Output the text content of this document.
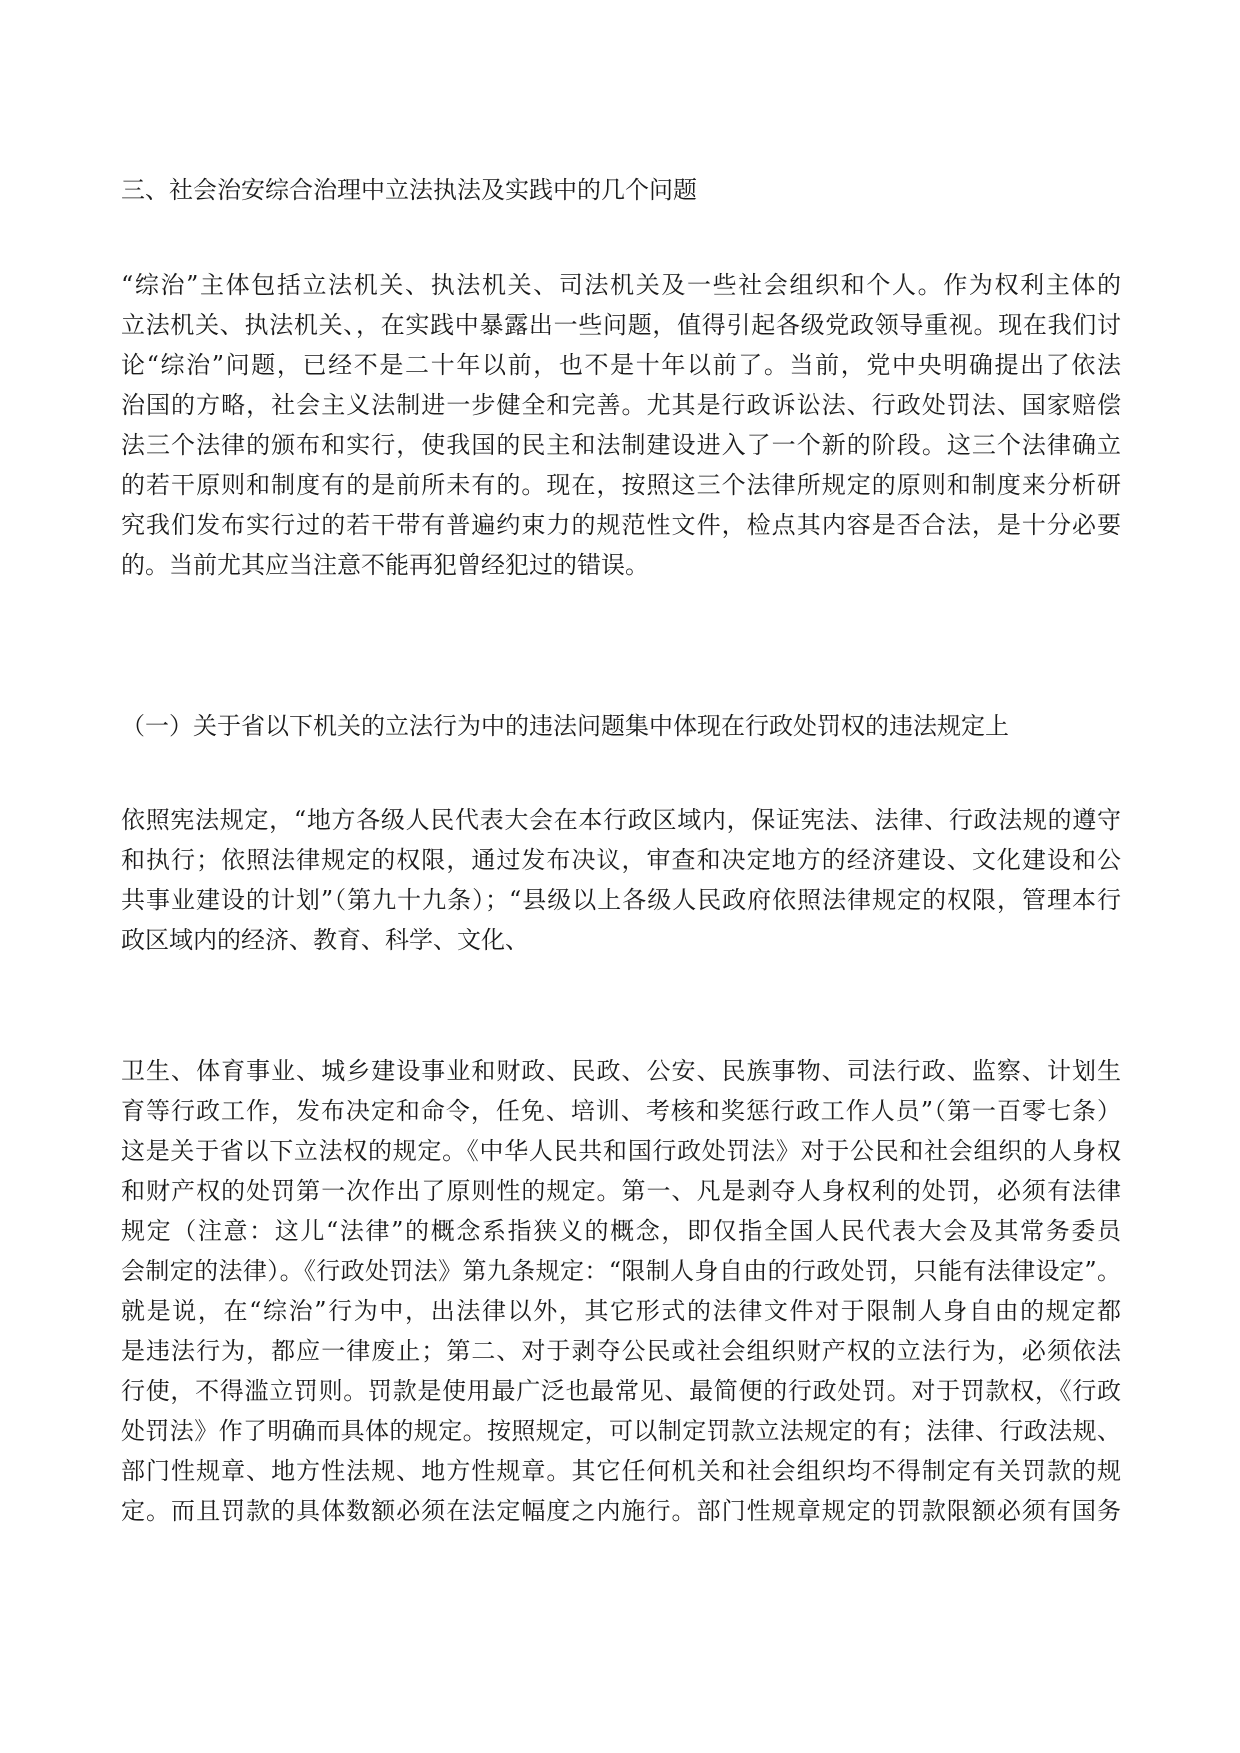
三、社会治安综合治理中立法执法及实践中的几个问题
“综治”主体包括立法机关、执法机关、司法机关及一些社会组织和个人。作为权利主体的
立法机关、执法机关、，在实践中暴露出一些问题，值得引起各级党政领导重视。现在我们讨
论“综治”问题，已经不是二十年以前，也不是十年以前了。当前，党中央明确提出了依法
治国的方略，社会主义法制进一步健全和完善。尤其是行政诉讼法、行政处罚法、国家赔偿
法三个法律的颁布和实行，使我国的民主和法制建设进入了一个新的阶段。这三个法律确立
的若干原则和制度有的是前所未有的。现在，按照这三个法律所规定的原则和制度来分析研
究我们发布实行过的若干带有普遍约束力的规范性文件，检点其内容是否合法，是十分必要
的。当前尤其应当注意不能再犯曾经犯过的错误。
（一）关于省以下机关的立法行为中的违法问题集中体现在行政处罚权的违法规定上
依照宪法规定，“地方各级人民代表大会在本行政区域内，保证宪法、法律、行政法规的遵守
和执行；依照法律规定的权限，通过发布决议，审查和决定地方的经济建设、文化建设和公
共事业建设的计划”（第九十九条）；“县级以上各级人民政府依照法律规定的权限，管理本行
政区域内的经济、教育、科学、文化、
卫生、体育事业、城乡建设事业和财政、民政、公安、民族事物、司法行政、监察、计划生
育等行政工作，发布决定和命令，任免、培训、考核和奖惩行政工作人员”（第一百零七条）
这是关于省以下立法权的规定。《中华人民共和国行政处罚法》对于公民和社会组织的人身权
和财产权的处罚第一次作出了原则性的规定。第一、凡是剥夺人身权利的处罚，必须有法律
规定（注意：这儿“法律”的概念系指狭义的概念，即仅指全国人民代表大会及其常务委员
会制定的法律）。《行政处罚法》第九条规定：“限制人身自由的行政处罚，只能有法律设定”。
就是说，在“综治”行为中，出法律以外，其它形式的法律文件对于限制人身自由的规定都
是违法行为，都应一律废止；第二、对于剥夺公民或社会组织财产权的立法行为，必须依法
行使，不得滥立罚则。罚款是使用最广泛也最常见、最简便的行政处罚。对于罚款权，《行政
处罚法》作了明确而具体的规定。按照规定，可以制定罚款立法规定的有；法律、行政法规、
部门性规章、地方性法规、地方性规章。其它任何机关和社会组织均不得制定有关罚款的规
定。而且罚款的具体数额必须在法定幅度之内施行。部门性规章规定的罚款限额必须有国务
